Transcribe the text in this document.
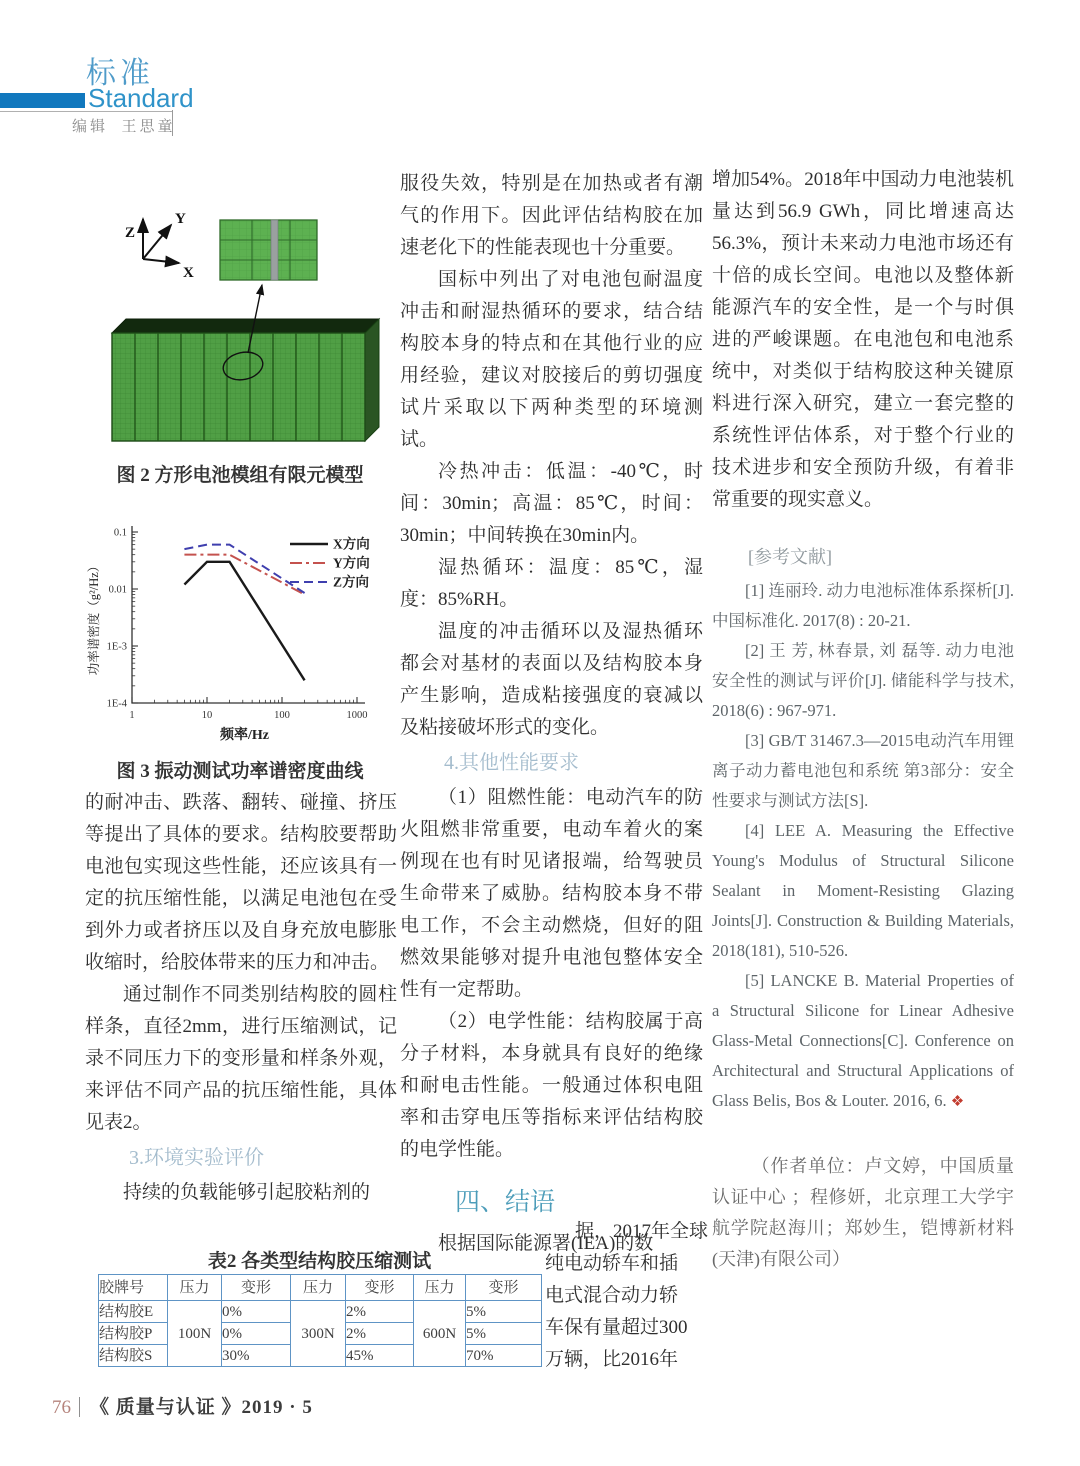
标准
Standard
编辑 王思童
Z
Y
X
图 2 方形电池模组有限元模型
1	10	100	1000
0.1
0.01
1E-3
1E-4
频率/Hz
功率谱密度（g²/Hz）
X方向
Y方向
Z方向
图 3 振动测试功率谱密度曲线

的耐冲击、跌落、翻转、碰撞、挤压等提出了具体的要求。结构胶要帮助电池包实现这些性能，还应该具有一定的抗压缩性能，以满足电池包在受到外力或者挤压以及自身充放电膨胀收缩时，给胶体带来的压力和冲击。

通过制作不同类别结构胶的圆柱样条，直径2mm，进行压缩测试，记录不同压力下的变形量和样条外观，来评估不同产品的抗压缩性能，具体见表2。

3.环境实验评价

持续的负载能够引起胶粘剂的

表2 各类型结构胶压缩测试
胶牌号	压力	变形	压力	变形	压力	变形
结构胶E	100N	0%	300N	2%	600N	5%
结构胶P		0%		2%		5%
结构胶S		30%		45%		70%

服役失效，特别是在加热或者有潮气的作用下。因此评估结构胶在加速老化下的性能表现也十分重要。

国标中列出了对电池包耐温度冲击和耐湿热循环的要求，结合结构胶本身的特点和在其他行业的应用经验，建议对胶接后的剪切强度试片采取以下两种类型的环境测试。

冷热冲击：低温：-40℃，时间：30min；高温：85℃，时间：30min；中间转换在30min内。

湿热循环：温度：85℃，湿度：85%RH。

温度的冲击循环以及湿热循环都会对基材的表面以及结构胶本身产生影响，造成粘接强度的衰减以及粘接破坏形式的变化。

4.其他性能要求

（1）阻燃性能：电动汽车的防火阻燃非常重要，电动车着火的案例现在也有时见诸报端，给驾驶员生命带来了威胁。结构胶本身不带电工作，不会主动燃烧，但好的阻燃效果能够对提升电池包整体安全性有一定帮助。

（2）电学性能：结构胶属于高分子材料，本身就具有良好的绝缘和耐电击性能。一般通过体积电阻率和击穿电压等指标来评估结构胶的电学性能。

四、结语

根据国际能源署(IEA)的数

据，2017年全球
纯电动轿车和插
电式混合动力轿
车保有量超过300
万辆，比2016年

增加54%。2018年中国动力电池装机量达到56.9 GWh，同比增速高达56.3%，预计未来动力电池市场还有十倍的成长空间。电池以及整体新能源汽车的安全性，是一个与时俱进的严峻课题。在电池包和电池系统中，对类似于结构胶这种关键原料进行深入研究，建立一套完整的系统性评估体系，对于整个行业的技术进步和安全预防升级，有着非常重要的现实意义。

[参考文献]

[1] 连丽玲. 动力电池标准体系探析[J].中国标准化. 2017(8) : 20-21.

[2] 王 芳, 林春景, 刘 磊等. 动力电池安全性的测试与评价[J]. 储能科学与技术, 2018(6) : 967-971.

[3] GB/T 31467.3—2015电动汽车用锂离子动力蓄电池包和系统 第3部分：安全性要求与测试方法[S].

[4] LEE A. Measuring the Effective Young's Modulus of Structural Silicone Sealant in Moment-Resisting Glazing Joints[J]. Construction & Building Materials, 2018(181), 510-526.

[5] LANCKE B. Material Properties of a Structural Silicone for Linear Adhesive Glass-Metal Connections[C]. Conference on Architectural and Structural Applications of Glass Belis, Bos & Louter. 2016, 6. ❖

（作者单位：卢文婷，中国质量认证中心 ；程修妍，北京理工大学宇航学院赵海川；郑妙生，铠博新材料(天津)有限公司）

76 《 质量与认证 》2019 · 5
